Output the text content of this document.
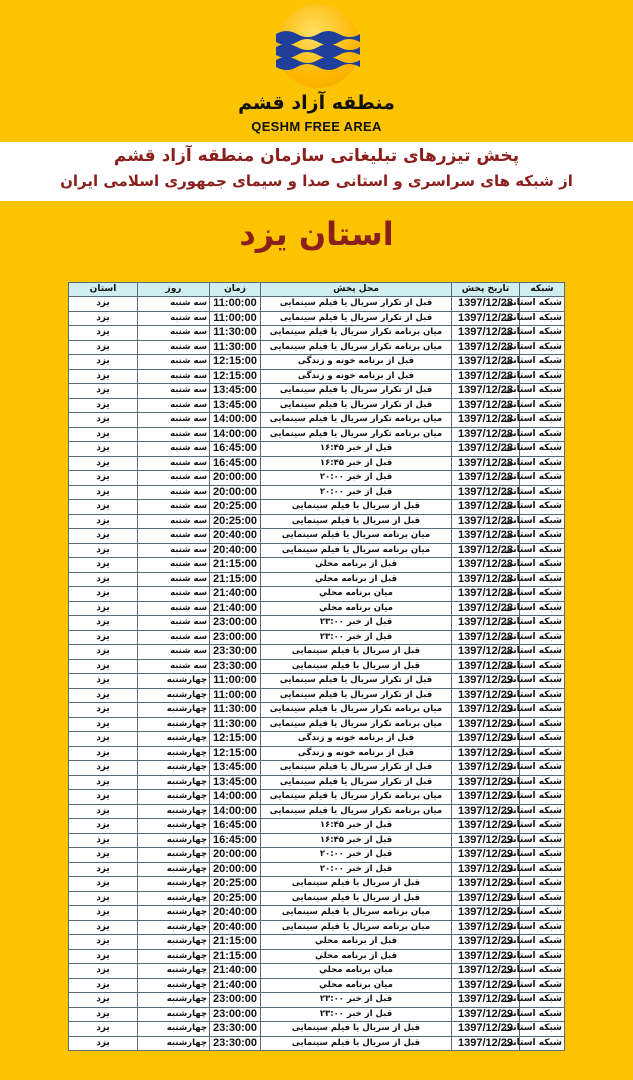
منطقه آزاد قشم
QESHM FREE AREA
پخش تیزرهای تبلیغاتی سازمان منطقه آزاد قشم
از شبکه های سراسری و استانی صدا و سیمای جمهوری اسلامی ایران
استان یزد
استان	روز	زمان	محل پخش	تاریخ پخش	شبکه
یزد	سه شنبه	11:00:00	قبل از تکرار سریال یا فیلم سینمایی	1397/12/28	شبکه استانی
یزد	سه شنبه	11:00:00	قبل از تکرار سریال یا فیلم سینمایی	1397/12/28	شبکه استانی
یزد	سه شنبه	11:30:00	میان برنامه تکرار سریال یا فیلم سینمایی	1397/12/28	شبکه استانی
یزد	سه شنبه	11:30:00	میان برنامه تکرار سریال یا فیلم سینمایی	1397/12/28	شبکه استانی
یزد	سه شنبه	12:15:00	قبل از برنامه خونه و زندگی	1397/12/28	شبکه استانی
یزد	سه شنبه	12:15:00	قبل از برنامه خونه و زندگی	1397/12/28	شبکه استانی
یزد	سه شنبه	13:45:00	قبل از تکرار سریال یا فیلم سینمایی	1397/12/28	شبکه استانی
یزد	سه شنبه	13:45:00	قبل از تکرار سریال یا فیلم سینمایی	1397/12/28	شبکه استانی
یزد	سه شنبه	14:00:00	میان برنامه تکرار سریال یا فیلم سینمایی	1397/12/28	شبکه استانی
یزد	سه شنبه	14:00:00	میان برنامه تکرار سریال یا فیلم سینمایی	1397/12/28	شبکه استانی
یزد	سه شنبه	16:45:00	قبل از خبر ۱۶:۴۵	1397/12/28	شبکه استانی
یزد	سه شنبه	16:45:00	قبل از خبر ۱۶:۴۵	1397/12/28	شبکه استانی
یزد	سه شنبه	20:00:00	قبل از خبر ۲۰:۰۰	1397/12/28	شبکه استانی
یزد	سه شنبه	20:00:00	قبل از خبر ۲۰:۰۰	1397/12/28	شبکه استانی
یزد	سه شنبه	20:25:00	قبل از سریال یا فیلم سینمایی	1397/12/28	شبکه استانی
یزد	سه شنبه	20:25:00	قبل از سریال یا فیلم سینمایی	1397/12/28	شبکه استانی
یزد	سه شنبه	20:40:00	میان برنامه سریال یا فیلم سینمایی	1397/12/28	شبکه استانی
یزد	سه شنبه	20:40:00	میان برنامه سریال یا فیلم سینمایی	1397/12/28	شبکه استانی
یزد	سه شنبه	21:15:00	قبل از برنامه محلي	1397/12/28	شبکه استانی
یزد	سه شنبه	21:15:00	قبل از برنامه محلي	1397/12/28	شبکه استانی
یزد	سه شنبه	21:40:00	میان برنامه محلي	1397/12/28	شبکه استانی
یزد	سه شنبه	21:40:00	میان برنامه محلي	1397/12/28	شبکه استانی
یزد	سه شنبه	23:00:00	قبل از خبر ۲۳:۰۰	1397/12/28	شبکه استانی
یزد	سه شنبه	23:00:00	قبل از خبر ۲۳:۰۰	1397/12/28	شبکه استانی
یزد	سه شنبه	23:30:00	قبل از سریال یا فیلم سینمایی	1397/12/28	شبکه استانی
یزد	سه شنبه	23:30:00	قبل از سریال یا فیلم سینمایی	1397/12/28	شبکه استانی
یزد	چهارشنبه	11:00:00	قبل از تکرار سریال یا فیلم سینمایی	1397/12/29	شبکه استانی
یزد	چهارشنبه	11:00:00	قبل از تکرار سریال یا فیلم سینمایی	1397/12/29	شبکه استانی
یزد	چهارشنبه	11:30:00	میان برنامه تکرار سریال یا فیلم سینمایی	1397/12/29	شبکه استانی
یزد	چهارشنبه	11:30:00	میان برنامه تکرار سریال یا فیلم سینمایی	1397/12/29	شبکه استانی
یزد	چهارشنبه	12:15:00	قبل از برنامه خونه و زندگی	1397/12/29	شبکه استانی
یزد	چهارشنبه	12:15:00	قبل از برنامه خونه و زندگی	1397/12/29	شبکه استانی
یزد	چهارشنبه	13:45:00	قبل از تکرار سریال یا فیلم سینمایی	1397/12/29	شبکه استانی
یزد	چهارشنبه	13:45:00	قبل از تکرار سریال یا فیلم سینمایی	1397/12/29	شبکه استانی
یزد	چهارشنبه	14:00:00	میان برنامه تکرار سریال یا فیلم سینمایی	1397/12/29	شبکه استانی
یزد	چهارشنبه	14:00:00	میان برنامه تکرار سریال یا فیلم سینمایی	1397/12/29	شبکه استانی
یزد	چهارشنبه	16:45:00	قبل از خبر ۱۶:۴۵	1397/12/29	شبکه استانی
یزد	چهارشنبه	16:45:00	قبل از خبر ۱۶:۴۵	1397/12/29	شبکه استانی
یزد	چهارشنبه	20:00:00	قبل از خبر ۲۰:۰۰	1397/12/29	شبکه استانی
یزد	چهارشنبه	20:00:00	قبل از خبر ۲۰:۰۰	1397/12/29	شبکه استانی
یزد	چهارشنبه	20:25:00	قبل از سریال یا فیلم سینمایی	1397/12/29	شبکه استانی
یزد	چهارشنبه	20:25:00	قبل از سریال یا فیلم سینمایی	1397/12/29	شبکه استانی
یزد	چهارشنبه	20:40:00	میان برنامه سریال یا فیلم سینمایی	1397/12/29	شبکه استانی
یزد	چهارشنبه	20:40:00	میان برنامه سریال یا فیلم سینمایی	1397/12/29	شبکه استانی
یزد	چهارشنبه	21:15:00	قبل از برنامه محلي	1397/12/29	شبکه استانی
یزد	چهارشنبه	21:15:00	قبل از برنامه محلي	1397/12/29	شبکه استانی
یزد	چهارشنبه	21:40:00	میان برنامه محلي	1397/12/29	شبکه استانی
یزد	چهارشنبه	21:40:00	میان برنامه محلي	1397/12/29	شبکه استانی
یزد	چهارشنبه	23:00:00	قبل از خبر ۲۳:۰۰	1397/12/29	شبکه استانی
یزد	چهارشنبه	23:00:00	قبل از خبر ۲۳:۰۰	1397/12/29	شبکه استانی
یزد	چهارشنبه	23:30:00	قبل از سریال یا فیلم سینمایی	1397/12/29	شبکه استانی
یزد	چهارشنبه	23:30:00	قبل از سریال یا فیلم سینمایی	1397/12/29	شبکه استانی
